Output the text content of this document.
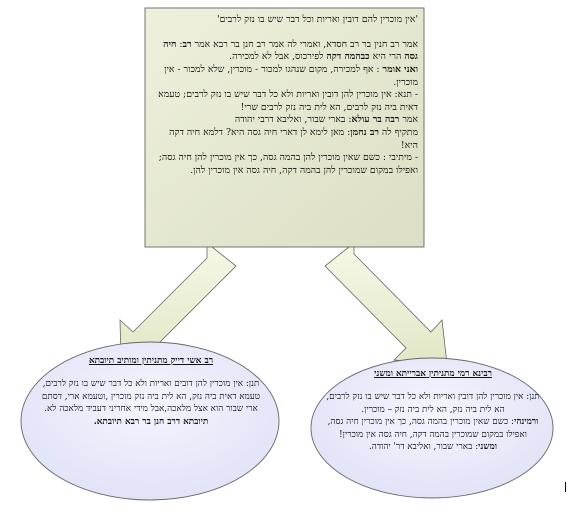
'אין מוכרין להם דובין ואריות וכל דבר שיש בו נזק לרבים'

אמר רב חנין בר רב חסדא, ואמרי לה אמר רב חנן בר רבא אמר רב: חיה גסה הרי היא כבהמה דקה לפירכוס, אבל לא למכירה.

ואני אומר : אף למכירה, מקום שנהגו למכור - מוכרין, שלא למכור - אין מוכרין.

- תנא: אין מוכרין להן דובין ואריות ולא כל דבר שיש בו נזק לרבים; טעמא דאית ביה נזק לרבים, הא לית ביה נזק לרבים שרי!

אמר רבה בר עולא: בארי שבור, ואליבא דרבי יהודה

מתקיף לה רב נחמן: מאן לימא לן דארי חיה גסה היא? דלמא חיה דקה היא!

- מיתיבי : כשם שאין מוכרין להן בהמה גסה, כך אין מוכרין להן חיה גסה; ואפילו במקום שמוכרין להן בהמה דקה, חיה גסה אין מוכרין להן.

רב אשי דייק מתניתין ומותיב תיובתא

תנן: אין מוכרין להן דובים ואריות ולא כל דבר שיש בו נזק לרבים, טעמא דאית ביה נזק, הא לית ביה נזק מוכרין ,וטעמא ארי, דסתם ארי שבור הוא אצל מלאכה,אבל מידי אחריני דעביד מלאכה לא.

תיובתא דרב חנן בר רבא תיובתא.

רבינא רמי מתניתין אברייתא ומשני

תנן: אין מוכרין להן דובין ואריות ולא כל דבר שיש בו נזק לרבים, הא לית ביה נזק, הא לית ביה נזק – מוכרין.

ורמינהי: כשם שאין מוכרין בהמה גסה, כך אין מוכרין חיה גסה, ואפילו במקום שמוכרין בהמה דקה, חיה גסה אין מוכרין!

ומשני: בארי שבור, ואליבא דר' יהודה.
